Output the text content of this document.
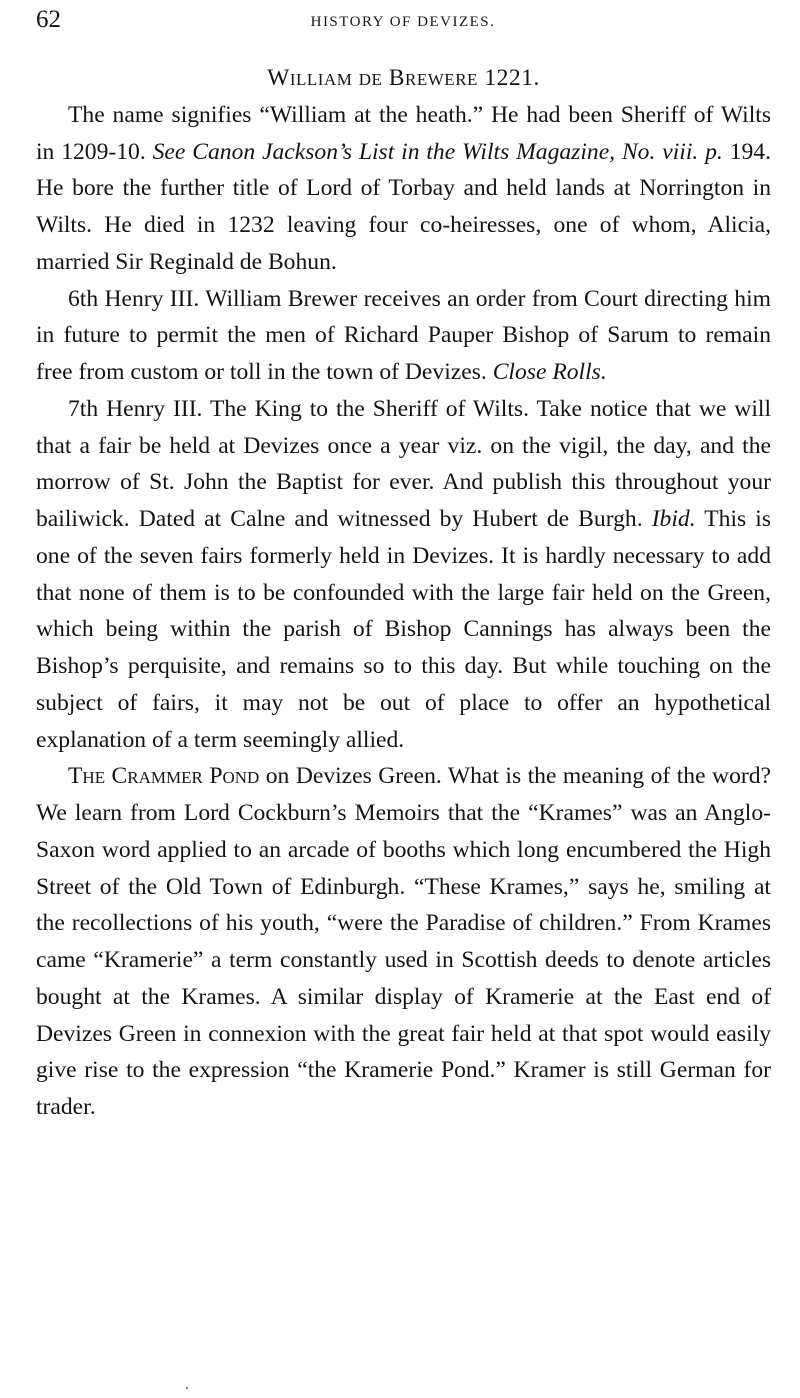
62	HISTORY OF DEVIZES.
William de Brewere 1221.

The name signifies “William at the heath.” He had been Sheriff of Wilts in 1209-10. See Canon Jackson’s List in the Wilts Magazine, No. viii. p. 194. He bore the further title of Lord of Torbay and held lands at Norrington in Wilts. He died in 1232 leaving four co-heiresses, one of whom, Alicia, married Sir Reginald de Bohun.

6th Henry III. William Brewer receives an order from Court directing him in future to permit the men of Richard Pauper Bishop of Sarum to remain free from custom or toll in the town of Devizes. Close Rolls.

7th Henry III. The King to the Sheriff of Wilts. Take notice that we will that a fair be held at Devizes once a year viz. on the vigil, the day, and the morrow of St. John the Baptist for ever. And publish this throughout your bailiwick. Dated at Calne and witnessed by Hubert de Burgh. Ibid. This is one of the seven fairs formerly held in Devizes. It is hardly necessary to add that none of them is to be confounded with the large fair held on the Green, which being within the parish of Bishop Cannings has always been the Bishop’s perquisite, and remains so to this day. But while touching on the subject of fairs, it may not be out of place to offer an hypothetical explanation of a term seemingly allied.

The Crammer Pond on Devizes Green. What is the meaning of the word? We learn from Lord Cockburn’s Memoirs that the “Krames” was an Anglo-Saxon word applied to an arcade of booths which long encumbered the High Street of the Old Town of Edinburgh. “These Krames,” says he, smiling at the recollections of his youth, “were the Paradise of children.” From Krames came “Kramerie” a term constantly used in Scottish deeds to denote articles bought at the Krames. A similar display of Kramerie at the East end of Devizes Green in connexion with the great fair held at that spot would easily give rise to the expression “the Kramerie Pond.” Kramer is still German for trader.
